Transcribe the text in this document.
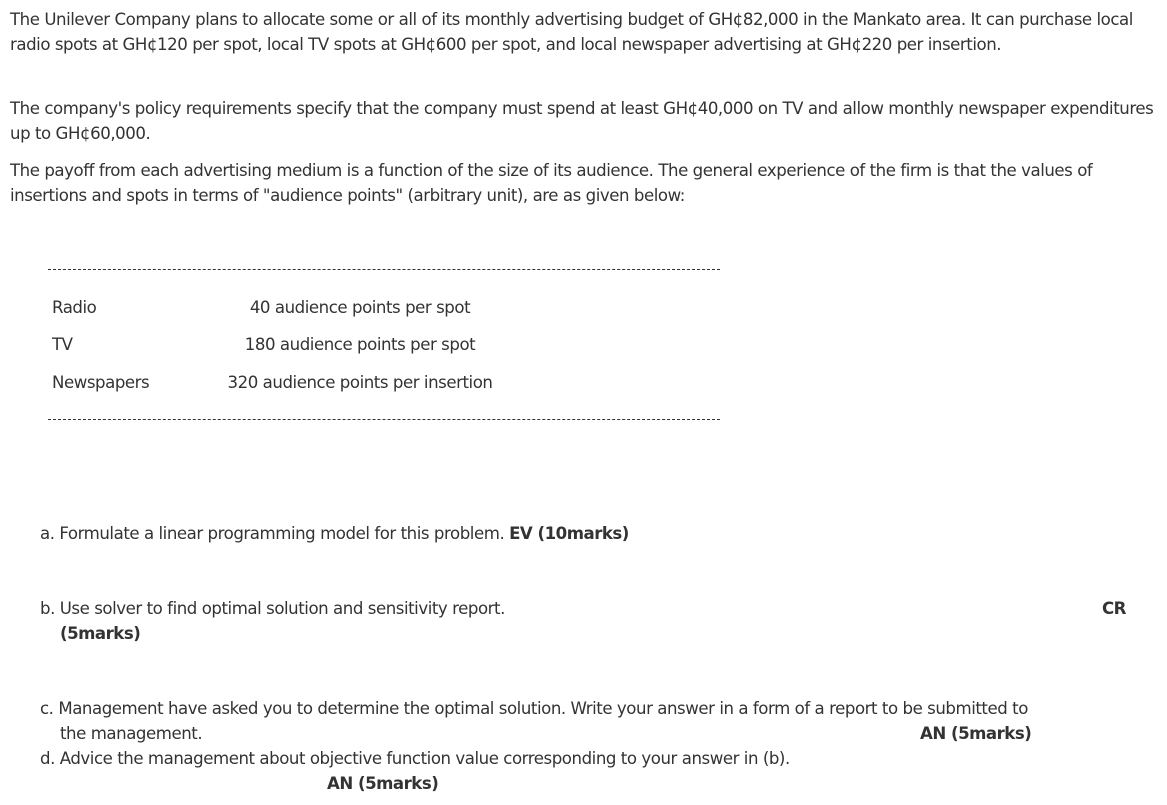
The Unilever Company plans to allocate some or all of its monthly advertising budget of GH¢82,000 in the Mankato area. It can purchase local radio spots at GH¢120 per spot, local TV spots at GH¢600 per spot, and local newspaper advertising at GH¢220 per insertion.

The company's policy requirements specify that the company must spend at least GH¢40,000 on TV and allow monthly newspaper expenditures up to GH¢60,000.

The payoff from each advertising medium is a function of the size of its audience. The general experience of the firm is that the values of insertions and spots in terms of "audience points" (arbitrary unit), are as given below:

Radio	40 audience points per spot
TV	180 audience points per spot
Newspapers	320 audience points per insertion
a. Formulate a linear programming model for this problem. EV (10marks)
b. Use solver to find optimal solution and sensitivity report.
(5marks)
CR
c. Management have asked you to determine the optimal solution. Write your answer in a form of a report to be submitted to
the management.	AN (5marks)
d. Advice the management about objective function value corresponding to your answer in (b).
AN (5marks)
